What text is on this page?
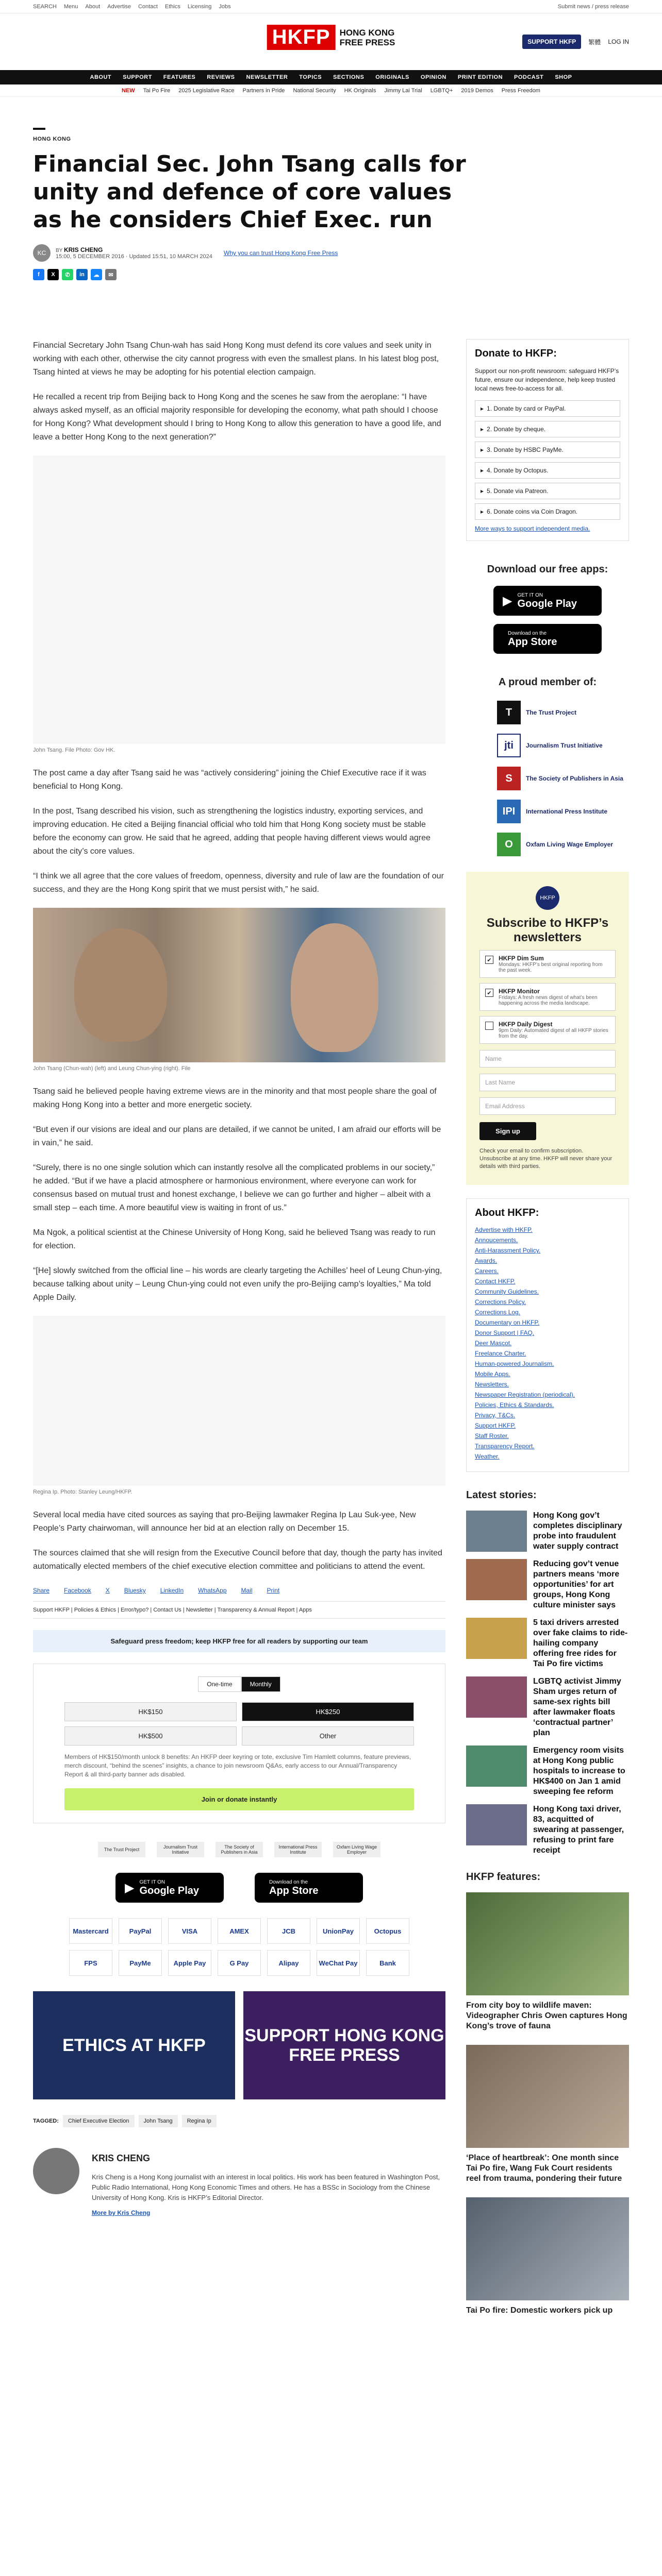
SEARCH Menu About Advertise Contact Ethics Licensing Jobs	Submit news / press release
HKFP	HONG KONG
FREE PRESS	SUPPORT HKFP	繁體 LOG IN
ABOUT SUPPORT FEATURES REVIEWS NEWSLETTER TOPICS SECTIONS ORIGINALS OPINION PRINT EDITION PODCAST SHOP
NEW Tai Po Fire 2025 Legislative Race Partners in Pride National Security HK Originals Jimmy Lai Trial LGBTQ+ 2019 Demos Press Freedom
HONG KONG
Financial Sec. John Tsang calls for unity and defence of core values as he considers Chief Exec. run
KC	BY KRIS CHENG
15:00, 5 DECEMBER 2016 · Updated 15:51, 10 MARCH 2024 Why you can trust Hong Kong Free Press
f	X	✆	in	☁	✉

Financial Secretary John Tsang Chun-wah has said Hong Kong must defend its core values and seek unity in working with each other, otherwise the city cannot progress with even the smallest plans. In his latest blog post, Tsang hinted at views he may be adopting for his potential election campaign.

He recalled a recent trip from Beijing back to Hong Kong and the scenes he saw from the aeroplane: “I have always asked myself, as an official majority responsible for developing the economy, what path should I choose for Hong Kong? What development should I bring to Hong Kong to allow this generation to have a good life, and leave a better Hong Kong to the next generation?”

John Tsang. File Photo: Gov HK.

The post came a day after Tsang said he was “actively considering” joining the Chief Executive race if it was beneficial to Hong Kong.

In the post, Tsang described his vision, such as strengthening the logistics industry, exporting services, and improving education. He cited a Beijing financial official who told him that Hong Kong society must be stable before the economy can grow. He said that he agreed, adding that people having different views would agree about the city’s core values.

“I think we all agree that the core values of freedom, openness, diversity and rule of law are the foundation of our success, and they are the Hong Kong spirit that we must persist with,” he said.

John Tsang (Chun-wah) (left) and Leung Chun-ying (right). File

Tsang said he believed people having extreme views are in the minority and that most people share the goal of making Hong Kong into a better and more energetic society.

“But even if our visions are ideal and our plans are detailed, if we cannot be united, I am afraid our efforts will be in vain,” he said.

“Surely, there is no one single solution which can instantly resolve all the complicated problems in our society,” he added. “But if we have a placid atmosphere or harmonious environment, where everyone can work for consensus based on mutual trust and honest exchange, I believe we can go further and higher – albeit with a small step – each time. A more beautiful view is waiting in front of us.”

Ma Ngok, a political scientist at the Chinese University of Hong Kong, said he believed Tsang was ready to run for election.

“[He] slowly switched from the official line – his words are clearly targeting the Achilles’ heel of Leung Chun-ying, because talking about unity – Leung Chun-ying could not even unify the pro-Beijing camp’s loyalties,” Ma told Apple Daily.

Regina Ip. Photo: Stanley Leung/HKFP.

Several local media have cited sources as saying that pro-Beijing lawmaker Regina Ip Lau Suk-yee, New People’s Party chairwoman, will announce her bid at an election rally on December 15.

The sources claimed that she will resign from the Executive Council before that day, though the party has invited automatically elected members of the chief executive election committee and politicians to attend the event.

Share Facebook X Bluesky LinkedIn WhatsApp Mail Print
Support HKFP | Policies & Ethics | Error/typo? | Contact Us | Newsletter | Transparency & Annual Report | Apps
Safeguard press freedom; keep HKFP free for all readers by supporting our team
One-time	Monthly
HK$150	HK$250
HK$500	Other
Members of HK$150/month unlock 8 benefits: An HKFP deer keyring or tote, exclusive Tim Hamlett columns, feature previews, merch discount, “behind the scenes” insights, a chance to join newsroom Q&As, early access to our Annual/Transparency Report & all third-party banner ads disabled.
Join or donate instantly
The Trust Project	Journalism Trust Initiative
The Society of Publishers in Asia
International Press Institute
Oxfam Living Wage Employer
▶ GET IT ON
Google Play
Download on the
App Store
Mastercard	PayPal	VISA	AMEX	JCB	UnionPay	Octopus
FPS	PayMe	Apple Pay	G Pay	Alipay	WeChat Pay	Bank
ETHICS AT HKFP	SUPPORT HONG KONG FREE PRESS
TAGGED:	Chief Executive Election	John Tsang	Regina Ip
KRIS CHENG
Kris Cheng is a Hong Kong journalist with an interest in local politics. His work has been featured in Washington Post, Public Radio International, Hong Kong Economic Times and others. He has a BSSc in Sociology from the Chinese University of Hong Kong. Kris is HKFP’s Editorial Director.
More by Kris Cheng
Donate to HKFP:

Support our non-profit newsroom: safeguard HKFP’s future, ensure our independence, help keep trusted local news free-to-access for all.

▸ 1. Donate by card or PayPal.
▸ 2. Donate by cheque.
▸ 3. Donate by HSBC PayMe.
▸ 4. Donate by Octopus.
▸ 5. Donate via Patreon.
▸ 6. Donate coins via Coin Dragon.
More ways to support independent media.
Download our free apps:
▶ GET IT ON
Google Play
Download on the
App Store
A proud member of:
T	The Trust Project
jti	Journalism Trust Initiative
S	The Society of Publishers in Asia
IPI	International Press Institute
O	Oxfam Living Wage Employer
HKFP
Subscribe to HKFP’s newsletters
✔ HKFP Dim Sum
Mondays: HKFP’s best original reporting from the past week.
✔ HKFP Monitor
Fridays: A fresh news digest of what’s been happening across the media landscape.
HKFP Daily Digest
9pm Daily: Automated digest of all HKFP stories from the day.
Name
Last Name
Email Address
Sign up

Check your email to confirm subscription. Unsubscribe at any time. HKFP will never share your details with third parties.

About HKFP:
Advertise with HKFP.
Annoucements.
Anti-Harassment Policy.
Awards.
Careers.
Contact HKFP.
Community Guidelines.
Corrections Policy.
Corrections Log.
Documentary on HKFP.
Donor Support | FAQ.
Deer Mascot.
Freelance Charter.
Human-powered Journalism.
Mobile Apps.
Newsletters.
Newspaper Registration (periodical).
Policies, Ethics & Standards.
Privacy, T&Cs.
Support HKFP.
Staff Roster.
Transparency Report.
Weather.
Latest stories:
Hong Kong gov’t completes disciplinary probe into fraudulent water supply contract
Reducing gov’t venue partners means ‘more opportunities’ for art groups, Hong Kong culture minister says
5 taxi drivers arrested over fake claims to ride-hailing company offering free rides for Tai Po fire victims
LGBTQ activist Jimmy Sham urges return of same-sex rights bill after lawmaker floats ‘contractual partner’ plan
Emergency room visits at Hong Kong public hospitals to increase to HK$400 on Jan 1 amid sweeping fee reform
Hong Kong taxi driver, 83, acquitted of swearing at passenger, refusing to print fare receipt
HKFP features:
From city boy to wildlife maven: Videographer Chris Owen captures Hong Kong’s trove of fauna
‘Place of heartbreak’: One month since Tai Po fire, Wang Fuk Court residents reel from trauma, pondering their future
Tai Po fire: Domestic workers pick up
